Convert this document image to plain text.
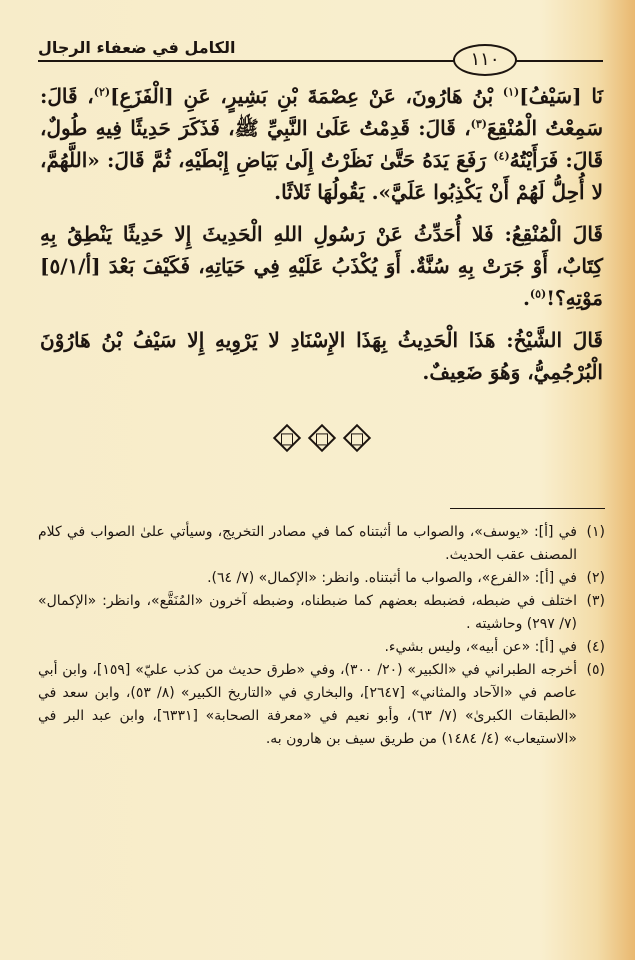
الكامل في ضعفاء الرجال
١١٠
نَا [سَيْفُ]$^{(١)}$ بْنُ هَارُونَ، عَنْ عِصْمَةَ بْنِ بَشِيرٍ، عَنِ [الْفَزَعِ]$^{(٢)}$، قَالَ: سَمِعْتُ الْمُنْقِعَ$^{(٣)}$، قَالَ: قَدِمْتُ عَلَىٰ النَّبِيِّ ﷺ، فَذَكَرَ حَدِيثًا فِيهِ طُولٌ، قَالَ: فَرَأَيْتُهُ$^{(٤)}$ رَفَعَ يَدَهُ حَتَّىٰ نَظَرْتُ إِلَىٰ بَيَاضِ إِبْطَيْهِ، ثُمَّ قَالَ: «اللَّهُمَّ، لا أُحِلُّ لَهُمْ أَنْ يَكْذِبُوا عَلَيَّ». يَقُولُهَا ثَلاثًا.
قَالَ الْمُنْقِعُ: فَلا أُحَدِّثُ عَنْ رَسُولِ اللهِ الْحَدِيثَ إِلا حَدِيثًا يَنْطِقُ بِهِ كِتَابٌ، أَوْ جَرَتْ بِهِ سُنَّةٌ. أَوَ يُكْذَبُ عَلَيْهِ فِي حَيَاتِهِ، فَكَيْفَ بَعْدَ [أ/٥/١] مَوْتِهِ؟!$^{(٥)}$.
قَالَ الشَّيْخُ: هَذَا الْحَدِيثُ بِهَذَا الإِسْنَادِ لا يَرْوِيهِ إِلا سَيْفُ بْنُ هَارُوْنَ الْبُرْجُمِيُّ، وَهُوَ ضَعِيفٌ.
(١)في [أ]: «يوسف»، والصواب ما أثبتناه كما في مصادر التخريج، وسيأتي علىٰ الصواب في كلام المصنف عقب الحديث.
(٢)في [أ]: «الفرع»، والصواب ما أثبتناه. وانظر: «الإكمال» (٧/ ٦٤).
(٣)اختلف في ضبطه، فضبطه بعضهم كما ضبطناه، وضبطه آخرون «المُنَقَّع»، وانظر: «الإكمال» (٧/ ٢٩٧) وحاشيته .
(٤)في [أ]: «عن أبيه»، وليس بشيء.
(٥)أخرجه الطبراني في «الكبير» (٢٠/ ٣٠٠)، وفي «طرق حديث من كذب عليّ» [١٥٩]، وابن أبي عاصم في «الآحاد والمثاني» [٢٦٤٧]، والبخاري في «التاريخ الكبير» (٨/ ٥٣)، وابن سعد في «الطبقات الكبرىٰ» (٧/ ٦٣)، وأبو نعيم في «معرفة الصحابة» [٦٣٣١]، وابن عبد البر في «الاستيعاب» (٤/ ١٤٨٤) من طريق سيف بن هارون به.
